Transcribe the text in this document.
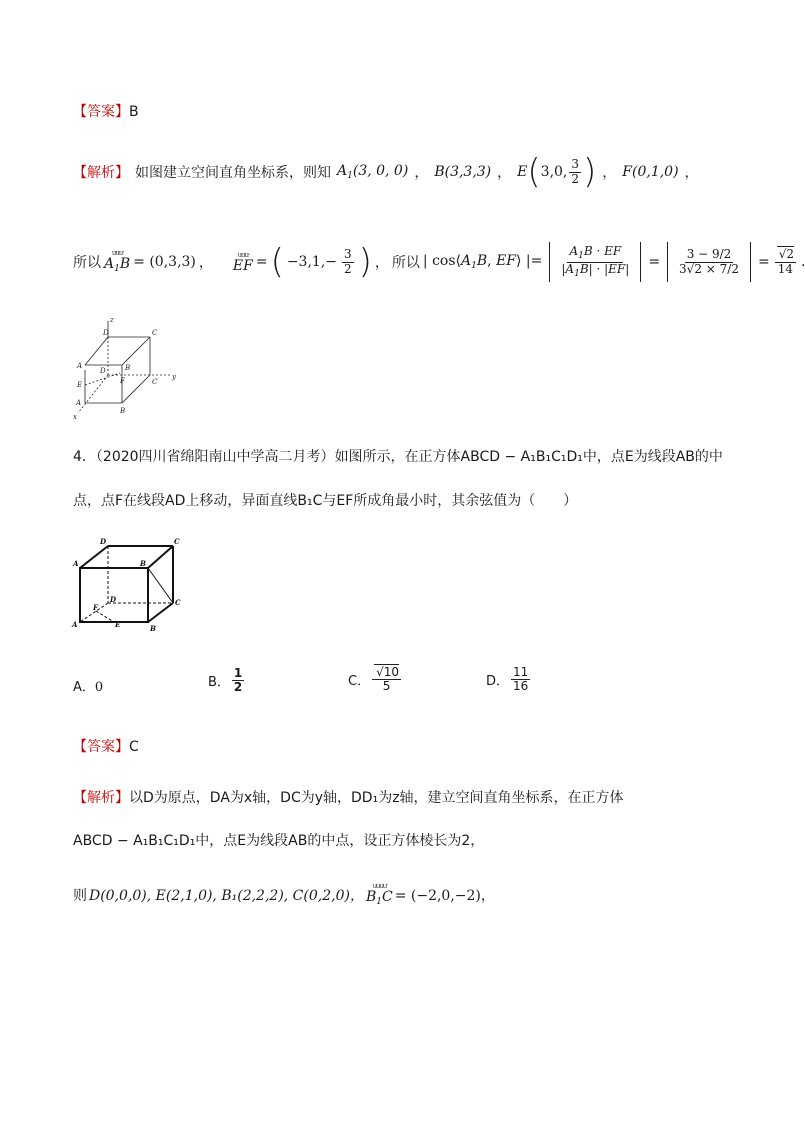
【答案】B
【解析】 如图建立空间直角坐标系，则知 $A_1(3$, 0, 0) ， B(3,3,3) ， E(3,0, $\frac{3}{2}$ ) ， F(0,1,0) ，
所以
ưưư
$A_1B = (0,3,3)$ ，
ưưư
EF = ( $-3,1,- \frac{3}{2}$ ) ， 所以 | $\cos⟨A_1B$, EF⟩ |= $\frac{A_1B \cdot EF}{|A_1B| \cdot |EF|} = \frac{3 - 9/2}{3√2 \times 7/2} = \frac{√2}{14}$ .
z
D	C
A	B
D
F	C
y
E
A
B
x
4．（2020四川省绵阳南山中学高二月考）如图所示，在正方体ABCD − A₁B₁C₁D₁中，点E为线段AB的中
点，点F在线段AD上移动，异面直线B₁C与EF所成角最小时，其余弦值为（　　）
D	C
A	B
D	C
F
A	E	B
A．0	B． $\frac{1}{2}$	C． $\frac{√10}{5}$	D． $\frac{11}{16}$
【答案】C
【解析】以D为原点，DA为x轴，DC为y轴，DD₁为z轴，建立空间直角坐标系，在正方体
ABCD − A₁B₁C₁D₁中，点E为线段AB的中点，设正方体棱长为2，
则 D(0,0,0), E(2,1,0), B₁(2,2,2), C(0,2,0)，
ưưưư
$B_1C = (-2,0,-2)$，
